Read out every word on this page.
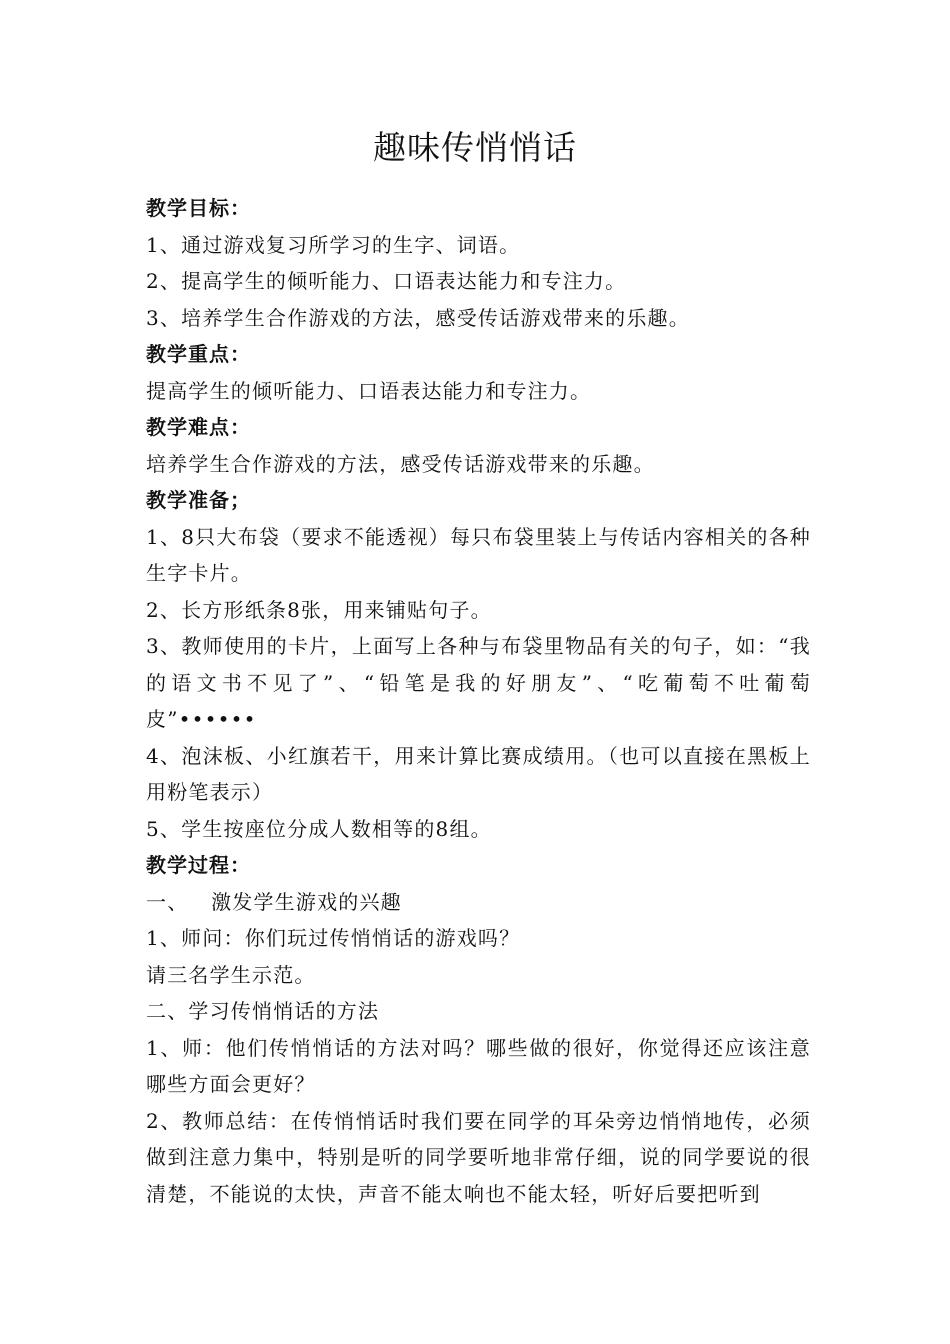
趣味传悄悄话

教学目标：

1、通过游戏复习所学习的生字、词语。

2、提高学生的倾听能力、口语表达能力和专注力。

3、培养学生合作游戏的方法，感受传话游戏带来的乐趣。

教学重点：

提高学生的倾听能力、口语表达能力和专注力。

教学难点：

培养学生合作游戏的方法，感受传话游戏带来的乐趣。

教学准备；

1、8只大布袋（要求不能透视）每只布袋里装上与传话内容相关的各种生字卡片。

2、长方形纸条8张，用来铺贴句子。

3、教师使用的卡片，上面写上各种与布袋里物品有关的句子，如：“我的语文书不见了”、“铅笔是我的好朋友”、“吃葡萄不吐葡萄皮”••••••

4、泡沫板、小红旗若干，用来计算比赛成绩用。（也可以直接在黑板上用粉笔表示）

5、学生按座位分成人数相等的8组。

教学过程：

一、   激发学生游戏的兴趣

1、师问：你们玩过传悄悄话的游戏吗？

请三名学生示范。

二、学习传悄悄话的方法

1、师：他们传悄悄话的方法对吗？哪些做的很好，你觉得还应该注意哪些方面会更好？

2、教师总结：在传悄悄话时我们要在同学的耳朵旁边悄悄地传，必须做到注意力集中，特别是听的同学要听地非常仔细，说的同学要说的很清楚，不能说的太快，声音不能太响也不能太轻，听好后要把听到
